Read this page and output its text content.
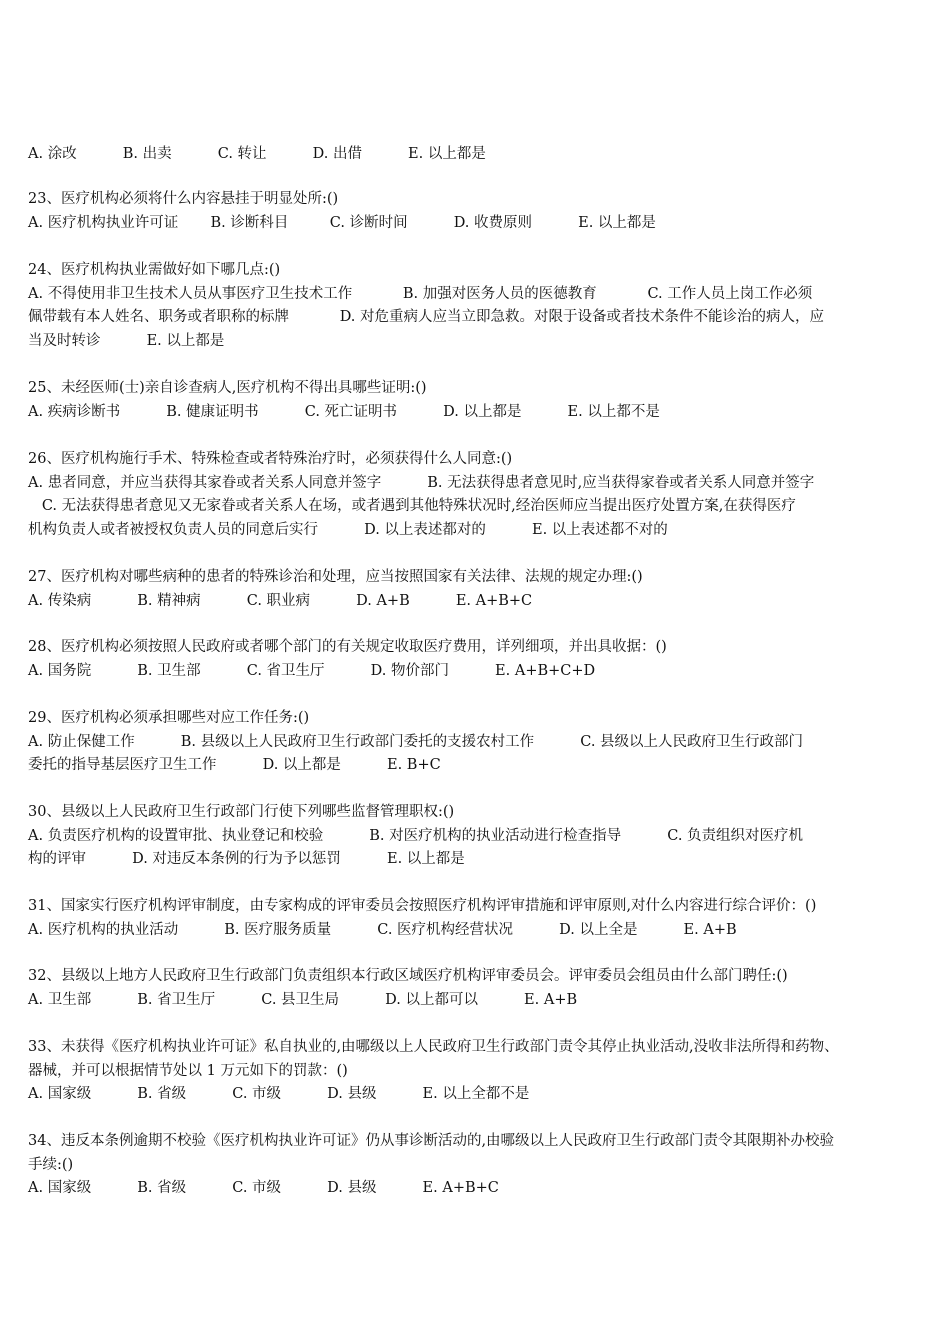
A. 涂改          B. 出卖          C. 转让          D. 出借          E. 以上都是
23、医疗机构必须将什么内容悬挂于明显处所:()
A. 医疗机构执业许可证       B. 诊断科目         C. 诊断时间          D. 收费原则          E. 以上都是
24、医疗机构执业需做好如下哪几点:()
A. 不得使用非卫生技术人员从事医疗卫生技术工作           B. 加强对医务人员的医德教育           C. 工作人员上岗工作必须
佩带载有本人姓名、职务或者职称的标牌           D. 对危重病人应当立即急救。对限于设备或者技术条件不能诊治的病人，应
当及时转诊          E. 以上都是
25、未经医师(士)亲自诊查病人,医疗机构不得出具哪些证明:()
A. 疾病诊断书          B. 健康证明书          C. 死亡证明书          D. 以上都是          E. 以上都不是
26、医疗机构施行手术、特殊检查或者特殊治疗时，必须获得什么人同意:()
A. 患者同意，并应当获得其家眷或者关系人同意并签字          B. 无法获得患者意见时,应当获得家眷或者关系人同意并签字
C. 无法获得患者意见又无家眷或者关系人在场，或者遇到其他特殊状况时,经治医师应当提出医疗处置方案,在获得医疗
机构负责人或者被授权负责人员的同意后实行          D. 以上表述都对的          E. 以上表述都不对的
27、医疗机构对哪些病种的患者的特殊诊治和处理，应当按照国家有关法律、法规的规定办理:()
A. 传染病          B. 精神病          C. 职业病          D. A+B          E. A+B+C
28、医疗机构必须按照人民政府或者哪个部门的有关规定收取医疗费用，详列细项，并出具收据：()
A. 国务院          B. 卫生部          C. 省卫生厅          D. 物价部门          E. A+B+C+D
29、医疗机构必须承担哪些对应工作任务:()
A. 防止保健工作          B. 县级以上人民政府卫生行政部门委托的支援农村工作          C. 县级以上人民政府卫生行政部门
委托的指导基层医疗卫生工作          D. 以上都是          E. B+C
30、县级以上人民政府卫生行政部门行使下列哪些监督管理职权:()
A. 负责医疗机构的设置审批、执业登记和校验          B. 对医疗机构的执业活动进行检查指导          C. 负责组织对医疗机
构的评审          D. 对违反本条例的行为予以惩罚          E. 以上都是
31、国家实行医疗机构评审制度，由专家构成的评审委员会按照医疗机构评审措施和评审原则,对什么内容进行综合评价：()
A. 医疗机构的执业活动          B. 医疗服务质量          C. 医疗机构经营状况          D. 以上全是          E. A+B
32、县级以上地方人民政府卫生行政部门负责组织本行政区域医疗机构评审委员会。评审委员会组员由什么部门聘任:()
A. 卫生部          B. 省卫生厅          C. 县卫生局          D. 以上都可以          E. A+B
33、未获得《医疗机构执业许可证》私自执业的,由哪级以上人民政府卫生行政部门责令其停止执业活动,没收非法所得和药物、
器械，并可以根据情节处以 1 万元如下的罚款：()
A. 国家级          B. 省级          C. 市级          D. 县级          E. 以上全都不是
34、违反本条例逾期不校验《医疗机构执业许可证》仍从事诊断活动的,由哪级以上人民政府卫生行政部门责令其限期补办校验
手续:()
A. 国家级          B. 省级          C. 市级          D. 县级          E. A+B+C
